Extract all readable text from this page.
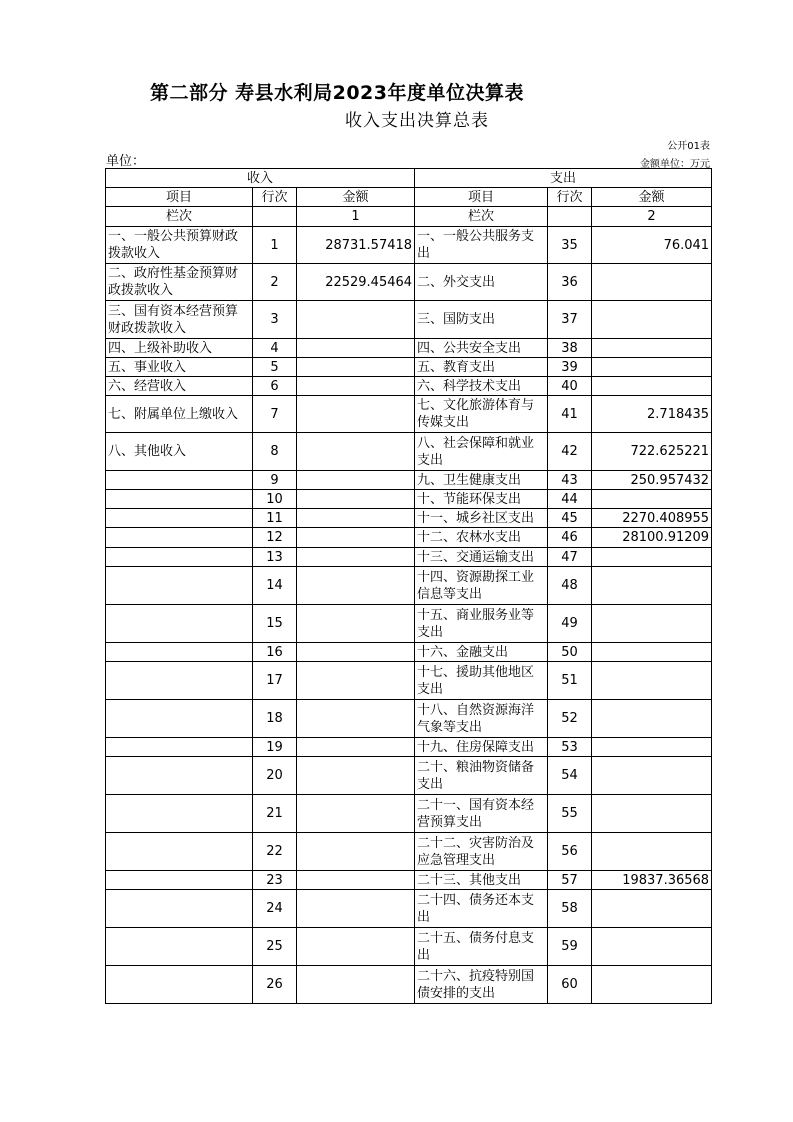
第二部分 寿县水利局2023年度单位决算表
收入支出决算总表
公开01表
金额单位：万元
单位：
收入			支出		
项目	行次	金额	项目	行次	金额
栏次		1	栏次		2
一、一般公共预算财政拨款收入	1	28731.57418	一、一般公共服务支出	35	76.041
二、政府性基金预算财政拨款收入	2	22529.45464	二、外交支出	36	
三、国有资本经营预算财政拨款收入	3		三、国防支出	37	
四、上级补助收入	4		四、公共安全支出	38	
五、事业收入	5		五、教育支出	39	
六、经营收入	6		六、科学技术支出	40	
七、附属单位上缴收入	7		七、文化旅游体育与传媒支出	41	2.718435
八、其他收入	8		八、社会保障和就业支出	42	722.625221
	9		九、卫生健康支出	43	250.957432
	10		十、节能环保支出	44	
	11		十一、城乡社区支出	45	2270.408955
	12		十二、农林水支出	46	28100.91209
	13		十三、交通运输支出	47	
	14		十四、资源勘探工业信息等支出	48	
	15		十五、商业服务业等支出	49	
	16		十六、金融支出	50	
	17		十七、援助其他地区支出	51	
	18		十八、自然资源海洋气象等支出	52	
	19		十九、住房保障支出	53	
	20		二十、粮油物资储备支出	54	
	21		二十一、国有资本经营预算支出	55	
	22		二十二、灾害防治及应急管理支出	56	
	23		二十三、其他支出	57	19837.36568
	24		二十四、债务还本支出	58	
	25		二十五、债务付息支出	59	
	26		二十六、抗疫特别国债安排的支出	60	
